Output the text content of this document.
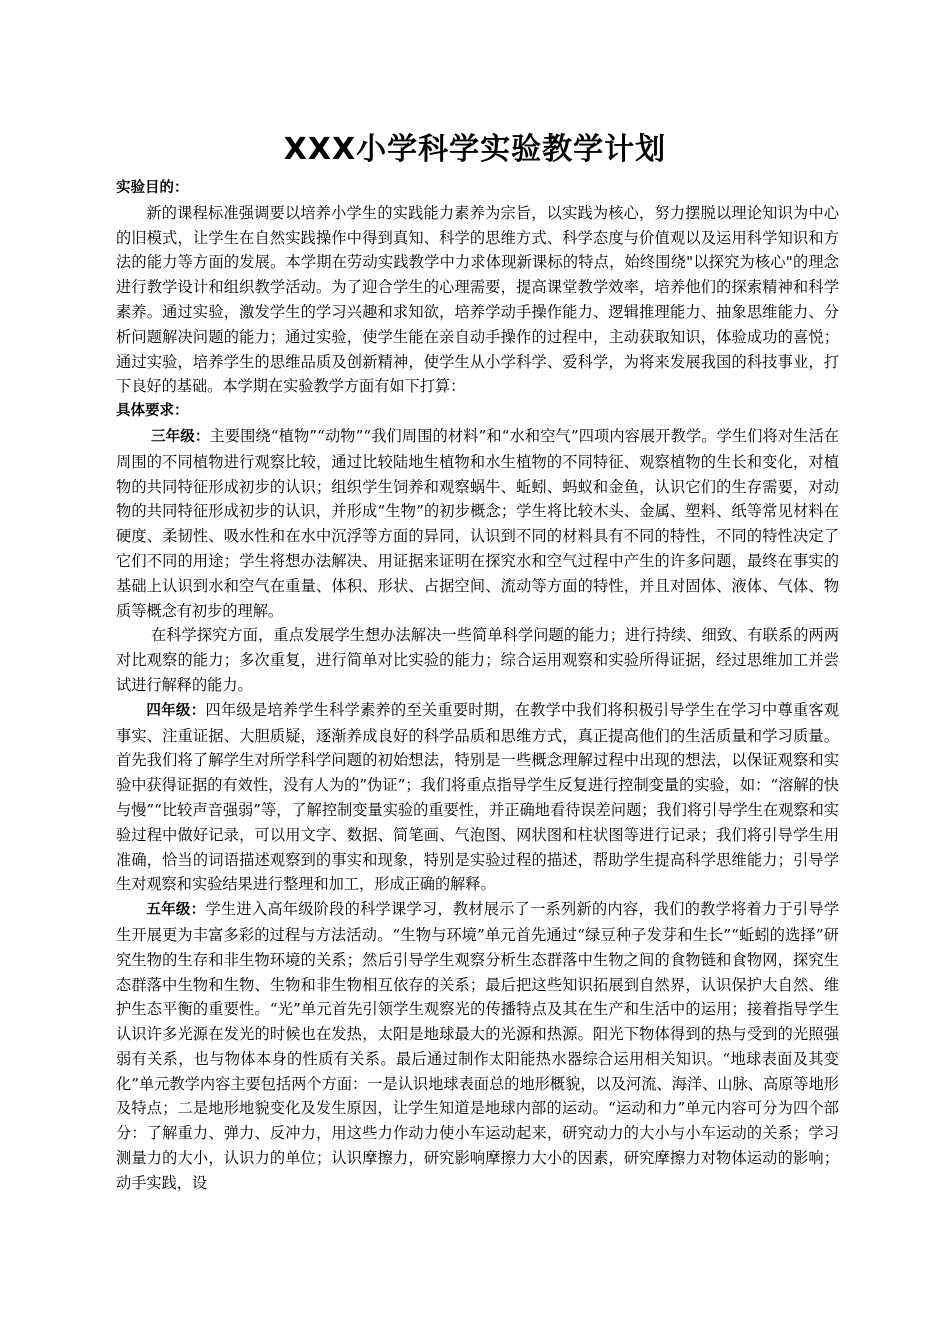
XXX小学科学实验教学计划

实验目的：

新的课程标准强调要以培养小学生的实践能力素养为宗旨，以实践为核心，努力摆脱以理论知识为中心的旧模式，让学生在自然实践操作中得到真知、科学的思维方式、科学态度与价值观以及运用科学知识和方法的能力等方面的发展。本学期在劳动实践教学中力求体现新课标的特点，始终围绕"以探究为核心"的理念进行教学设计和组织教学活动。为了迎合学生的心理需要，提高课堂教学效率，培养他们的探索精神和科学素养。通过实验，激发学生的学习兴趣和求知欲，培养学动手操作能力、逻辑推理能力、抽象思维能力、分析问题解决问题的能力；通过实验，使学生能在亲自动手操作的过程中，主动获取知识，体验成功的喜悦；通过实验，培养学生的思维品质及创新精神，使学生从小学科学、爱科学，为将来发展我国的科技事业，打下良好的基础。本学期在实验教学方面有如下打算：

具体要求：

三年级：主要围绕“植物”“动物”“我们周围的材料”和“水和空气”四项内容展开教学。学生们将对生活在周围的不同植物进行观察比较，通过比较陆地生植物和水生植物的不同特征、观察植物的生长和变化，对植物的共同特征形成初步的认识；组织学生饲养和观察蜗牛、蚯蚓、蚂蚁和金鱼，认识它们的生存需要，对动物的共同特征形成初步的认识，并形成“生物”的初步概念；学生将比较木头、金属、塑料、纸等常见材料在硬度、柔韧性、吸水性和在水中沉浮等方面的异同，认识到不同的材料具有不同的特性，不同的特性决定了它们不同的用途；学生将想办法解决、用证据来证明在探究水和空气过程中产生的许多问题，最终在事实的基础上认识到水和空气在重量、体积、形状、占据空间、流动等方面的特性，并且对固体、液体、气体、物质等概念有初步的理解。

在科学探究方面，重点发展学生想办法解决一些简单科学问题的能力；进行持续、细致、有联系的两两对比观察的能力；多次重复，进行简单对比实验的能力；综合运用观察和实验所得证据，经过思维加工并尝试进行解释的能力。

四年级：四年级是培养学生科学素养的至关重要时期，在教学中我们将积极引导学生在学习中尊重客观事实、注重证据、大胆质疑，逐渐养成良好的科学品质和思维方式，真正提高他们的生活质量和学习质量。首先我们将了解学生对所学科学问题的初始想法，特别是一些概念理解过程中出现的想法，以保证观察和实验中获得证据的有效性，没有人为的”伪证”；我们将重点指导学生反复进行控制变量的实验，如：“溶解的快与慢”“比较声音强弱”等，了解控制变量实验的重要性，并正确地看待误差问题；我们将引导学生在观察和实验过程中做好记录，可以用文字、数据、简笔画、气泡图、网状图和柱状图等进行记录；我们将引导学生用准确，恰当的词语描述观察到的事实和现象，特别是实验过程的描述，帮助学生提高科学思维能力；引导学生对观察和实验结果进行整理和加工，形成正确的解释。

五年级：学生进入高年级阶段的科学课学习，教材展示了一系列新的内容，我们的教学将着力于引导学生开展更为丰富多彩的过程与方法活动。“生物与环境”单元首先通过“绿豆种子发芽和生长”“蚯蚓的选择”研究生物的生存和非生物环境的关系；然后引导学生观察分析生态群落中生物之间的食物链和食物网，探究生态群落中生物和生物、生物和非生物相互依存的关系；最后把这些知识拓展到自然界，认识保护大自然、维护生态平衡的重要性。“光”单元首先引领学生观察光的传播特点及其在生产和生活中的运用；接着指导学生认识许多光源在发光的时候也在发热，太阳是地球最大的光源和热源。阳光下物体得到的热与受到的光照强弱有关系，也与物体本身的性质有关系。最后通过制作太阳能热水器综合运用相关知识。“地球表面及其变化”单元教学内容主要包括两个方面：一是认识地球表面总的地形概貌，以及河流、海洋、山脉、高原等地形及特点；二是地形地貌变化及发生原因，让学生知道是地球内部的运动。“运动和力”单元内容可分为四个部分：了解重力、弹力、反冲力，用这些力作动力使小车运动起来，研究动力的大小与小车运动的关系；学习测量力的大小，认识力的单位；认识摩擦力，研究影响摩擦力大小的因素，研究摩擦力对物体运动的影响；动手实践，设
